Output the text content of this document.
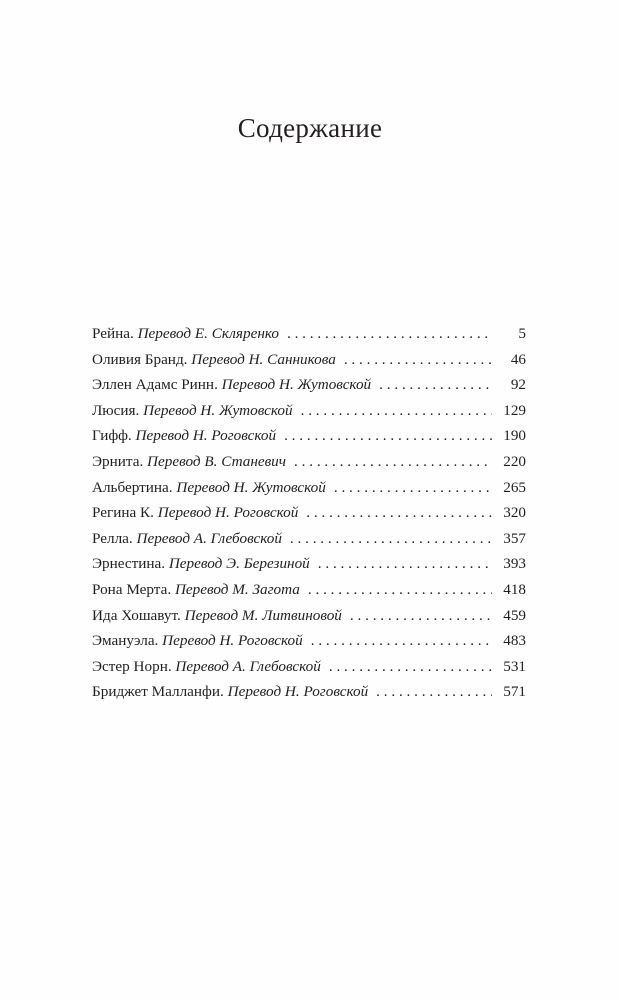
Содержание
Рейна. Перевод Е. Скляренко . . .	5
Оливия Бранд. Перевод Н. Санникова . . .	46
Эллен Адамс Ринн. Перевод Н. Жутовской . . .	92
Люсия. Перевод Н. Жутовской . . .	129
Гифф. Перевод Н. Роговской . . .	190
Эрнита. Перевод В. Станевич . . .	220
Альбертина. Перевод Н. Жутовской . . .	265
Регина К. Перевод Н. Роговской . . .	320
Релла. Перевод А. Глебовской . . .	357
Эрнестина. Перевод Э. Березиной . . .	393
Рона Мерта. Перевод М. Загота . . .	418
Ида Хошавут. Перевод М. Литвиновой . . .	459
Эмануэла. Перевод Н. Роговской . . .	483
Эстер Норн. Перевод А. Глебовской . . .	531
Бриджет Малланфи. Перевод Н. Роговской . . .	571
